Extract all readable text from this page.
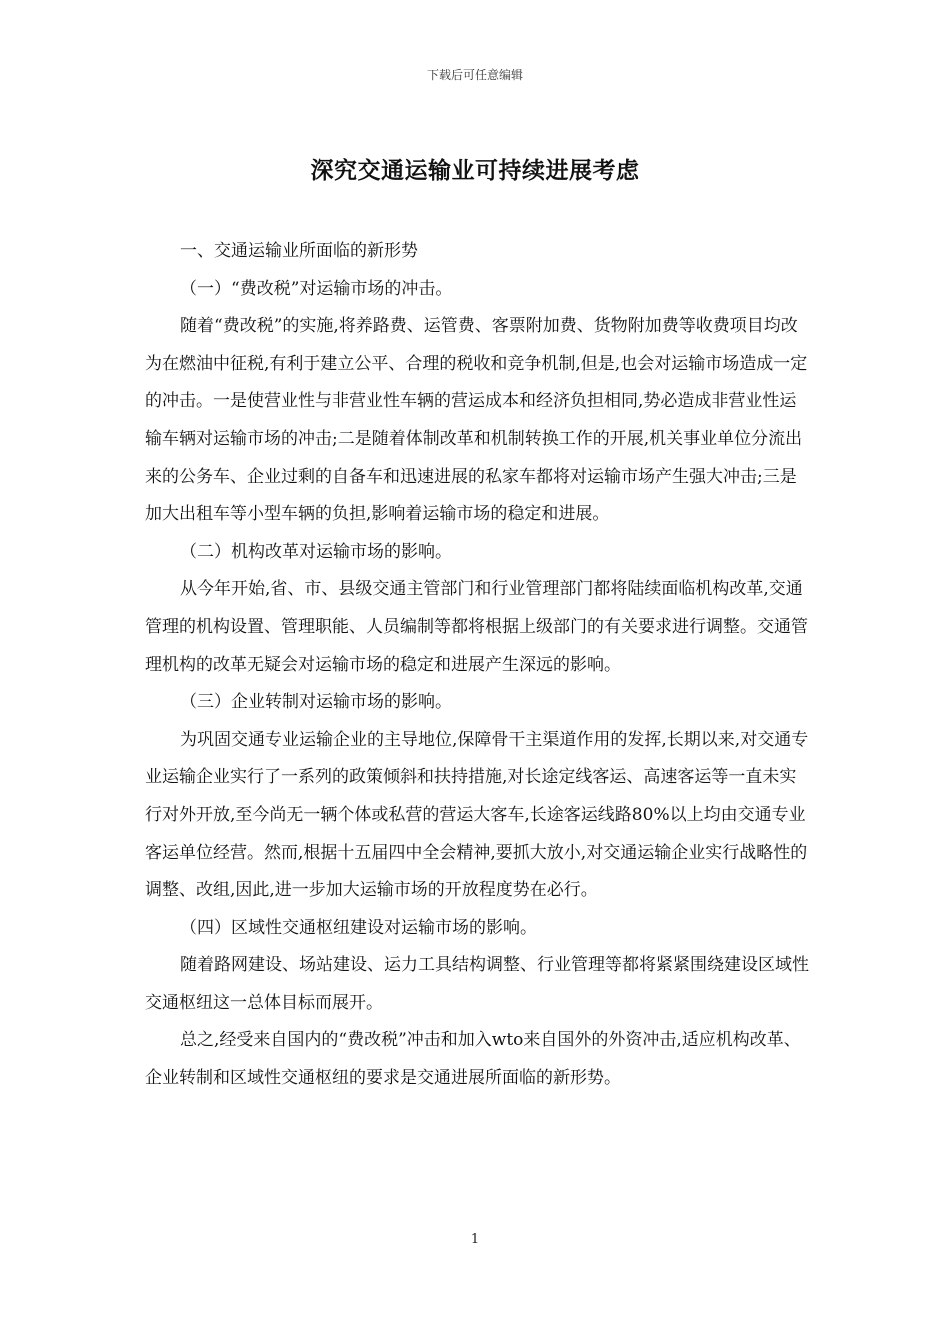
下载后可任意编辑
深究交通运输业可持续进展考虑

一、交通运输业所面临的新形势

（一）“费改税”对运输市场的冲击。

随着“费改税”的实施,将养路费、运管费、客票附加费、货物附加费等收费项目均改为在燃油中征税,有利于建立公平、合理的税收和竞争机制,但是,也会对运输市场造成一定的冲击。一是使营业性与非营业性车辆的营运成本和经济负担相同,势必造成非营业性运输车辆对运输市场的冲击;二是随着体制改革和机制转换工作的开展,机关事业单位分流出来的公务车、企业过剩的自备车和迅速进展的私家车都将对运输市场产生强大冲击;三是加大出租车等小型车辆的负担,影响着运输市场的稳定和进展。

（二）机构改革对运输市场的影响。

从今年开始,省、市、县级交通主管部门和行业管理部门都将陆续面临机构改革,交通管理的机构设置、管理职能、人员编制等都将根据上级部门的有关要求进行调整。交通管理机构的改革无疑会对运输市场的稳定和进展产生深远的影响。

（三）企业转制对运输市场的影响。

为巩固交通专业运输企业的主导地位,保障骨干主渠道作用的发挥,长期以来,对交通专业运输企业实行了一系列的政策倾斜和扶持措施,对长途定线客运、高速客运等一直未实行对外开放,至今尚无一辆个体或私营的营运大客车,长途客运线路80%以上均由交通专业客运单位经营。然而,根据十五届四中全会精神,要抓大放小,对交通运输企业实行战略性的调整、改组,因此,进一步加大运输市场的开放程度势在必行。

（四）区域性交通枢纽建设对运输市场的影响。

随着路网建设、场站建设、运力工具结构调整、行业管理等都将紧紧围绕建设区域性交通枢纽这一总体目标而展开。

总之,经受来自国内的“费改税”冲击和加入wto来自国外的外资冲击,适应机构改革、企业转制和区域性交通枢纽的要求是交通进展所面临的新形势。

1
